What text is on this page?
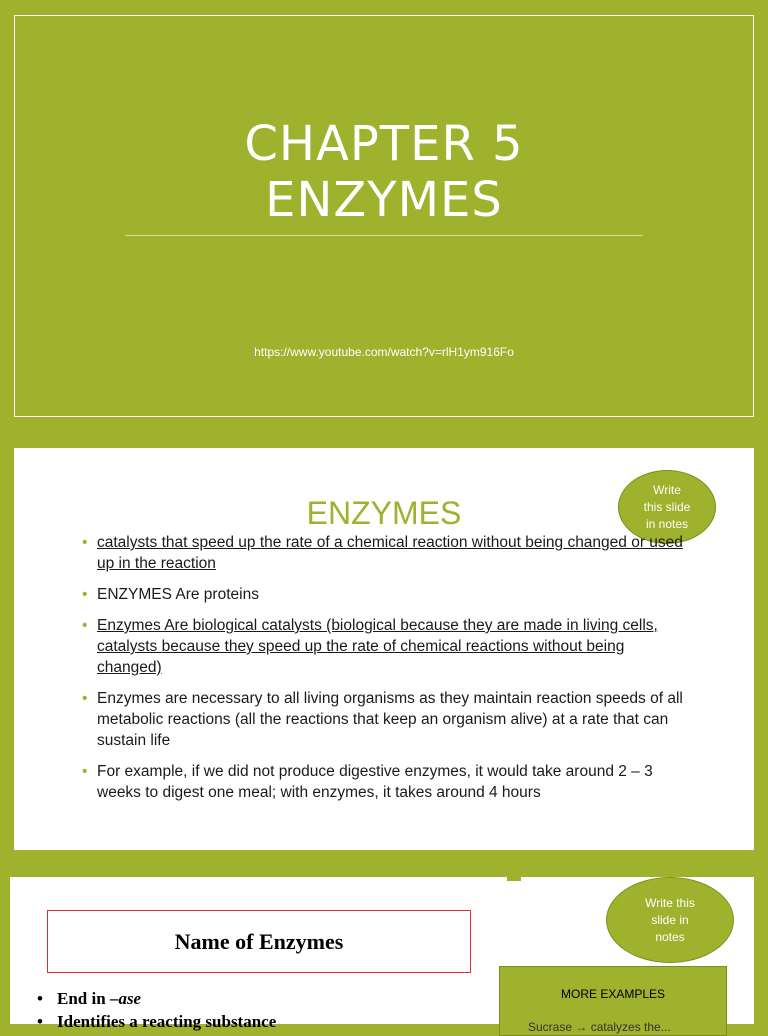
CHAPTER 5
ENZYMES
https://www.youtube.com/watch?v=rlH1ym916Fo
ENZYMES
Write
this slide
in notes
• catalysts that speed up the rate of a chemical reaction without being changed or used up in the reaction
• ENZYMES Are proteins
• Enzymes Are biological catalysts (biological because they are made in living cells, catalysts because they speed up the rate of chemical reactions without being changed)
• Enzymes are necessary to all living organisms as they maintain reaction speeds of all metabolic reactions (all the reactions that keep an organism alive) at a rate that can sustain life
• For example, if we did not produce digestive enzymes, it would take around 2 – 3 weeks to digest one meal; with enzymes, it takes around 4 hours
Name of Enzymes
Write this
slide in
notes
MORE EXAMPLES
Sucrase → catalyzes the...
• End in –ase
• Identifies a reacting substance
